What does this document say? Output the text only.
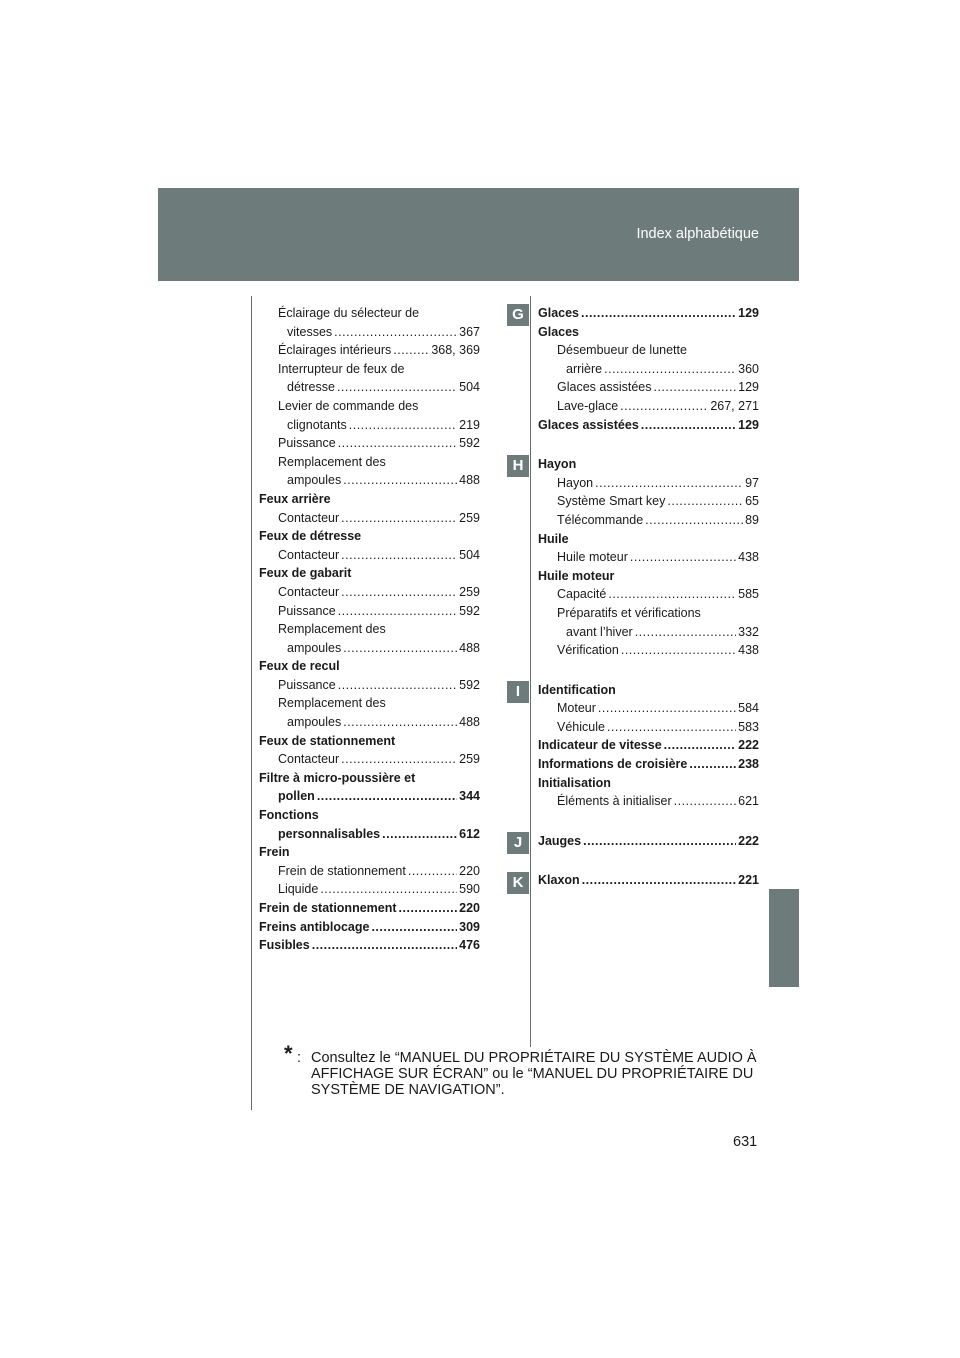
Index alphabétique
Éclairage du sélecteur de
vitesses .....	367
Éclairages intérieurs .....	368, 369
Interrupteur de feux de
détresse .....	504
Levier de commande des
clignotants .....	219
Puissance .....	592
Remplacement des
ampoules .....	488
Feux arrière
Contacteur .....	259
Feux de détresse
Contacteur .....	504
Feux de gabarit
Contacteur .....	259
Puissance .....	592
Remplacement des
ampoules .....	488
Feux de recul
Puissance .....	592
Remplacement des
ampoules .....	488
Feux de stationnement
Contacteur .....	259
Filtre à micro-poussière et
pollen .....	344
Fonctions
personnalisables .....	612
Frein
Frein de stationnement .....	220
Liquide .....	590
Frein de stationnement .....	220
Freins antiblocage .....	309
Fusibles .....	476
Glaces .....	129
Glaces
Désembueur de lunette
arrière .....	360
Glaces assistées .....	129
Lave-glace .....	267, 271
Glaces assistées .....	129
Hayon
Hayon .....	97
Système Smart key .....	65
Télécommande .....	89
Huile
Huile moteur .....	438
Huile moteur
Capacité .....	585
Préparatifs et vérifications
avant l’hiver .....	332
Vérification .....	438
Identification
Moteur .....	584
Véhicule .....	583
Indicateur de vitesse .....	222
Informations de croisière .....	238
Initialisation
Éléments à initialiser .....	621
Jauges .....	222
Klaxon .....	221
G
H
I
J
K
* : Consultez le “MANUEL DU PROPRIÉTAIRE DU SYSTÈME AUDIO À AFFICHAGE SUR ÉCRAN” ou le “MANUEL DU PROPRIÉTAIRE DU SYSTÈME DE NAVIGATION”.
631
